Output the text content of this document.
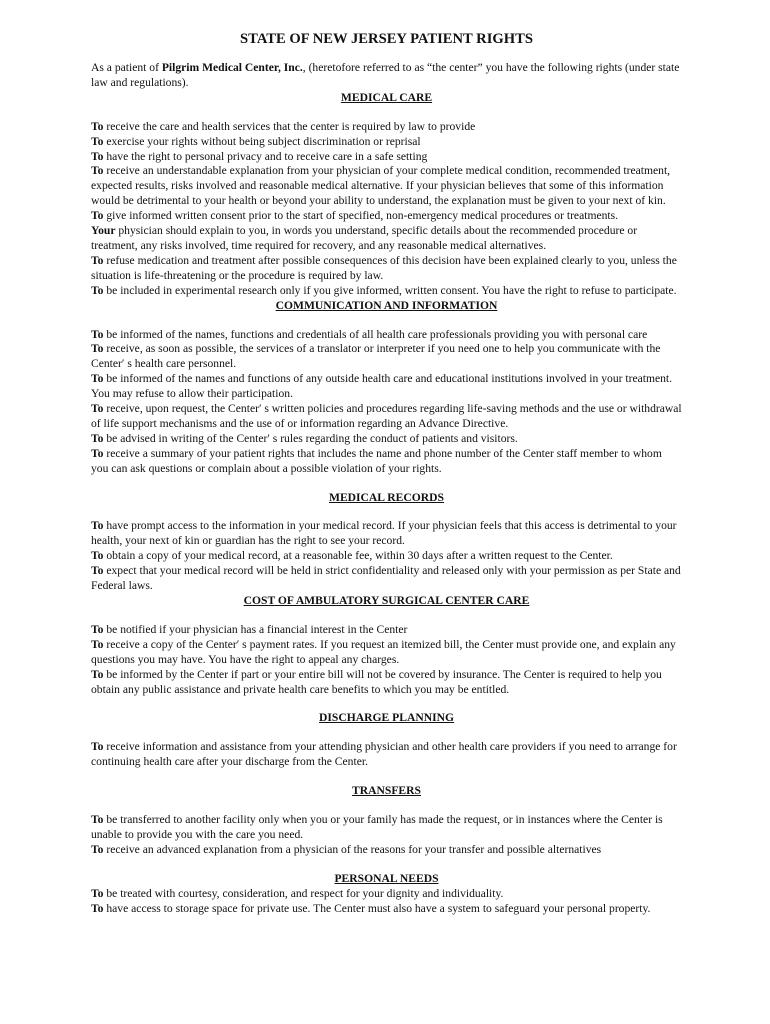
STATE OF NEW JERSEY PATIENT RIGHTS

As a patient of Pilgrim Medical Center, Inc., (heretofore referred to as “the center” you have the following rights (under state law and regulations).

MEDICAL CARE

To receive the care and health services that the center is required by law to provide

To exercise your rights without being subject discrimination or reprisal

To have the right to personal privacy and to receive care in a safe setting

To receive an understandable explanation from your physician of your complete medical condition, recommended treatment, expected results, risks involved and reasonable medical alternative. If your physician believes that some of this information would be detrimental to your health or beyond your ability to understand, the explanation must be given to your next of kin.

To give informed written consent prior to the start of specified, non-emergency medical procedures or treatments.

Your physician should explain to you, in words you understand, specific details about the recommended procedure or treatment, any risks involved, time required for recovery, and any reasonable medical alternatives.

To refuse medication and treatment after possible consequences of this decision have been explained clearly to you, unless the situation is life-threatening or the procedure is required by law.

To be included in experimental research only if you give informed, written consent. You have the right to refuse to participate.

COMMUNICATION AND INFORMATION

To be informed of the names, functions and credentials of all health care professionals providing you with personal care

To receive, as soon as possible, the services of a translator or interpreter if you need one to help you communicate with the Center′ s health care personnel.

To be informed of the names and functions of any outside health care and educational institutions involved in your treatment. You may refuse to allow their participation.

To receive, upon request, the Center′ s written policies and procedures regarding life-saving methods and the use or withdrawal of life support mechanisms and the use of or information regarding an Advance Directive.

To be advised in writing of the Center′ s rules regarding the conduct of patients and visitors.

To receive a summary of your patient rights that includes the name and phone number of the Center staff member to whom you can ask questions or complain about a possible violation of your rights.

MEDICAL RECORDS

To have prompt access to the information in your medical record. If your physician feels that this access is detrimental to your health, your next of kin or guardian has the right to see your record.

To obtain a copy of your medical record, at a reasonable fee, within 30 days after a written request to the Center.

To expect that your medical record will be held in strict confidentiality and released only with your permission as per State and Federal laws.

COST OF AMBULATORY SURGICAL CENTER CARE

To be notified if your physician has a financial interest in the Center

To receive a copy of the Center′ s payment rates. If you request an itemized bill, the Center must provide one, and explain any questions you may have. You have the right to appeal any charges.

To be informed by the Center if part or your entire bill will not be covered by insurance. The Center is required to help you obtain any public assistance and private health care benefits to which you may be entitled.

DISCHARGE PLANNING

To receive information and assistance from your attending physician and other health care providers if you need to arrange for continuing health care after your discharge from the Center.

TRANSFERS

To be transferred to another facility only when you or your family has made the request, or in instances where the Center is unable to provide you with the care you need.

To receive an advanced explanation from a physician of the reasons for your transfer and possible alternatives

PERSONAL NEEDS

To be treated with courtesy, consideration, and respect for your dignity and individuality.

To have access to storage space for private use. The Center must also have a system to safeguard your personal property.
